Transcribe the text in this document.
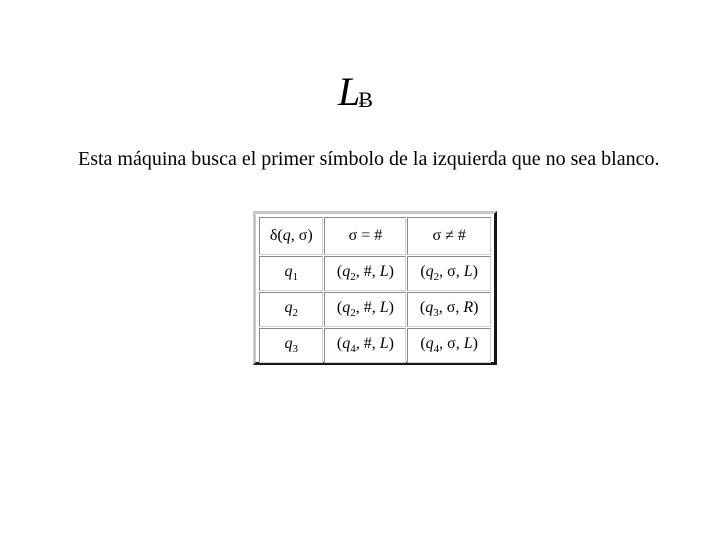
LɃ
Esta máquina busca el primer símbolo de la izquierda que no sea blanco.
δ(q, σ)	σ = #	σ ≠ #
$q_1$	($q_2$, #, L)	($q_2$, σ, L)
$q_2$	($q_2$, #, L)	($q_3$, σ, R)
$q_3$	($q_4$, #, L)	($q_4$, σ, L)
